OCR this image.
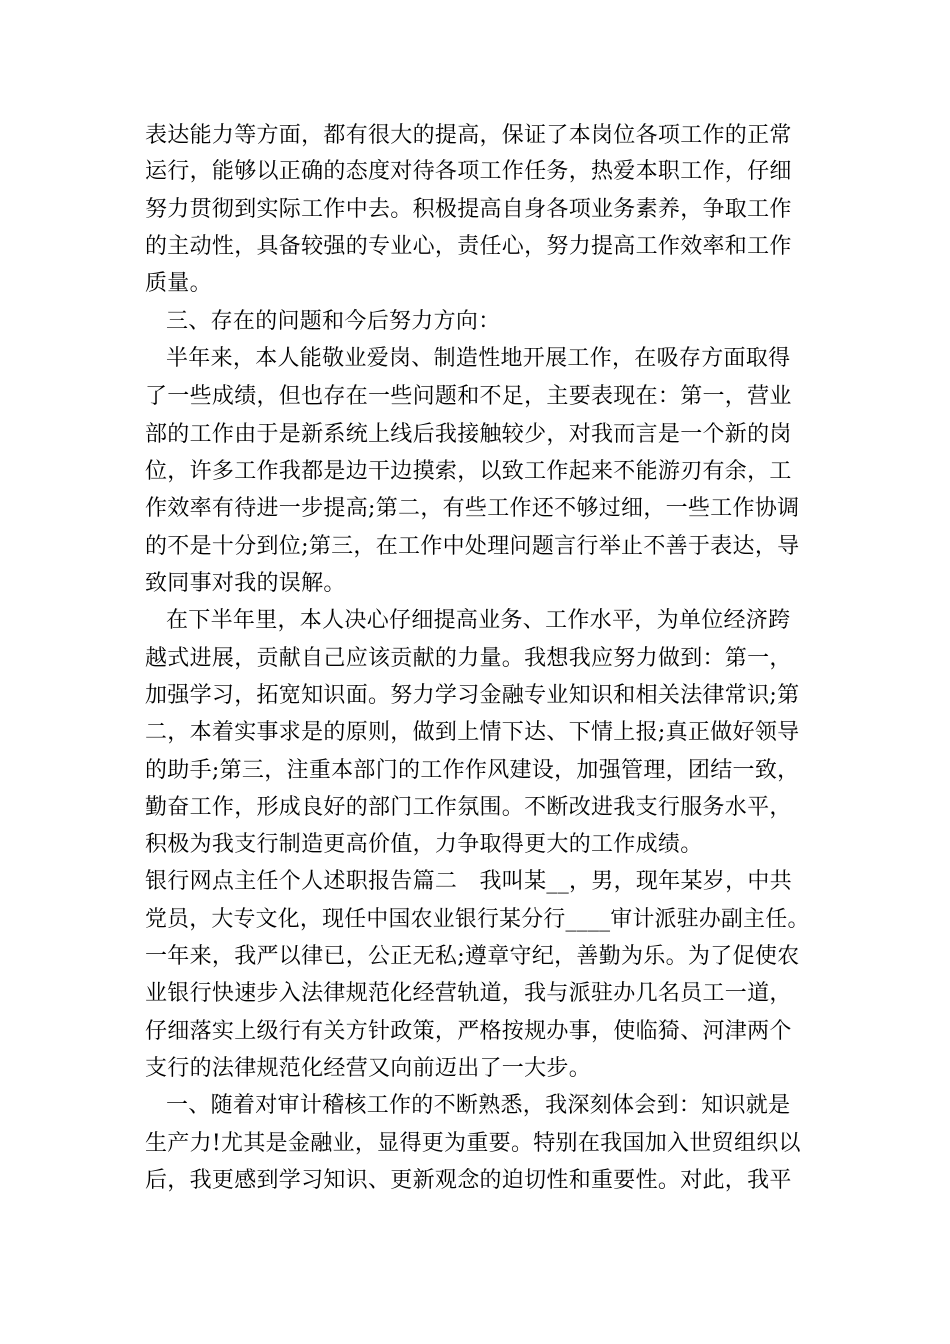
表达能力等方面，都有很大的提高，保证了本岗位各项工作的正常
运行，能够以正确的态度对待各项工作任务，热爱本职工作，仔细
努力贯彻到实际工作中去。积极提高自身各项业务素养，争取工作
的主动性，具备较强的专业心，责任心，努力提高工作效率和工作
质量。
三、存在的问题和今后努力方向：
半年来，本人能敬业爱岗、制造性地开展工作，在吸存方面取得
了一些成绩，但也存在一些问题和不足，主要表现在：第一，营业
部的工作由于是新系统上线后我接触较少，对我而言是一个新的岗
位，许多工作我都是边干边摸索，以致工作起来不能游刃有余，工
作效率有待进一步提高;第二，有些工作还不够过细，一些工作协调
的不是十分到位;第三，在工作中处理问题言行举止不善于表达，导
致同事对我的误解。
在下半年里，本人决心仔细提高业务、工作水平，为单位经济跨
越式进展，贡献自己应该贡献的力量。我想我应努力做到：第一，
加强学习，拓宽知识面。努力学习金融专业知识和相关法律常识;第
二，本着实事求是的原则，做到上情下达、下情上报;真正做好领导
的助手;第三，注重本部门的工作作风建设，加强管理，团结一致，
勤奋工作，形成良好的部门工作氛围。不断改进我支行服务水平，
积极为我支行制造更高价值，力争取得更大的工作成绩。
银行网点主任个人述职报告篇二　我叫某__，男，现年某岁，中共
党员，大专文化，现任中国农业银行某分行____审计派驻办副主任。
一年来，我严以律已，公正无私;遵章守纪，善勤为乐。为了促使农
业银行快速步入法律规范化经营轨道，我与派驻办几名员工一道，
仔细落实上级行有关方针政策，严格按规办事，使临猗、河津两个
支行的法律规范化经营又向前迈出了一大步。
一、随着对审计稽核工作的不断熟悉，我深刻体会到：知识就是
生产力!尤其是金融业，显得更为重要。特别在我国加入世贸组织以
后，我更感到学习知识、更新观念的迫切性和重要性。对此，我平
